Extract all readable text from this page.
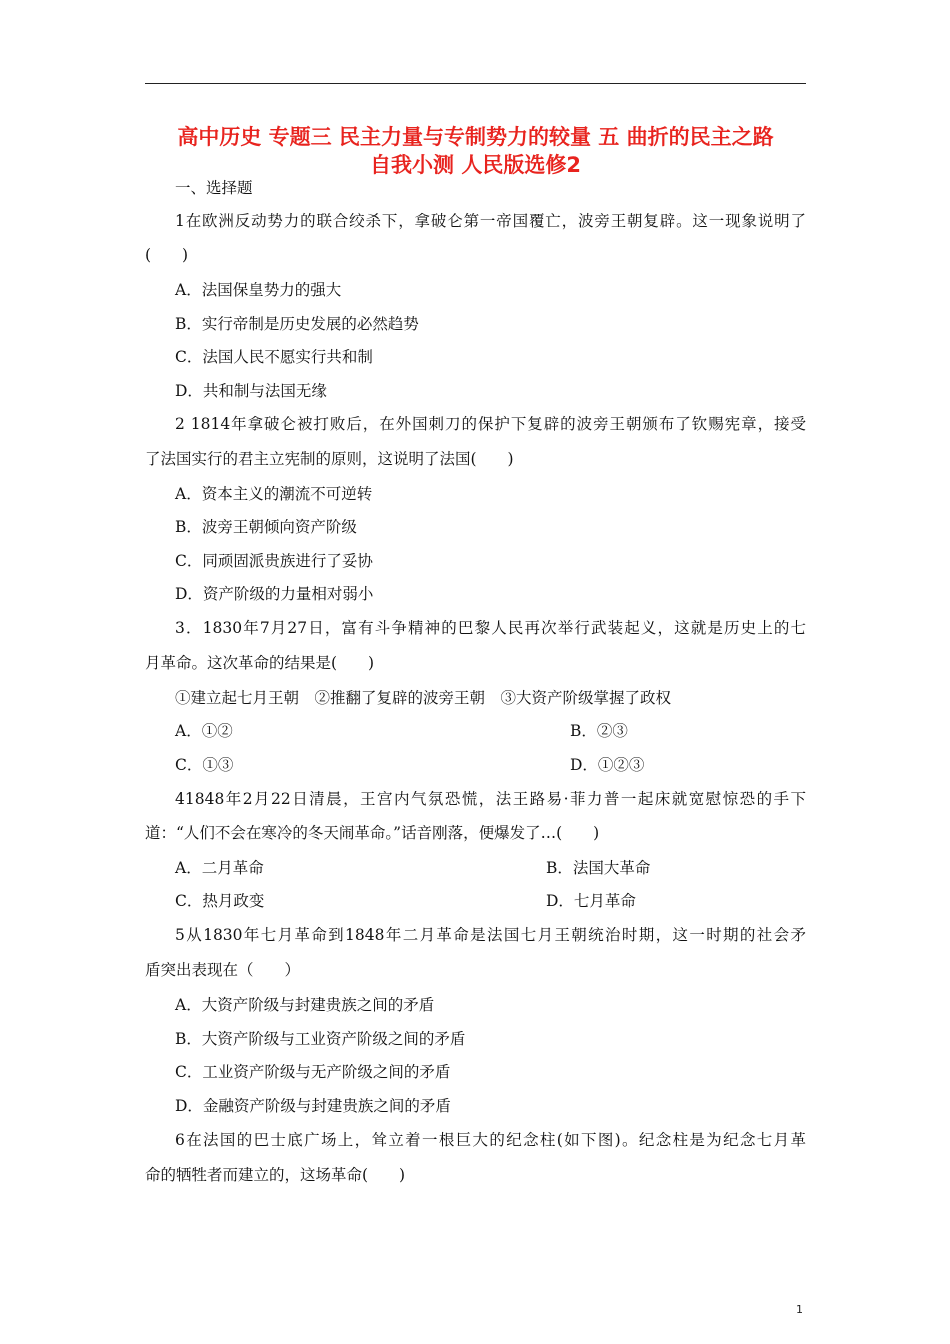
高中历史 专题三 民主力量与专制势力的较量 五 曲折的民主之路
自我小测 人民版选修2
一、选择题
1在欧洲反动势力的联合绞杀下，拿破仑第一帝国覆亡，波旁王朝复辟。这一现象说明了
(　　)
A．法国保皇势力的强大
B．实行帝制是历史发展的必然趋势
C．法国人民不愿实行共和制
D．共和制与法国无缘
2 1814年拿破仑被打败后，在外国刺刀的保护下复辟的波旁王朝颁布了钦赐宪章，接受
了法国实行的君主立宪制的原则，这说明了法国(　　)
A．资本主义的潮流不可逆转
B．波旁王朝倾向资产阶级
C．同顽固派贵族进行了妥协
D．资产阶级的力量相对弱小
3．1830年7月27日，富有斗争精神的巴黎人民再次举行武装起义，这就是历史上的七
月革命。这次革命的结果是(　　)
①建立起七月王朝　②推翻了复辟的波旁王朝　③大资产阶级掌握了政权
A．①②	B．②③
C．①③	D．①②③
41848年2月22日清晨，王宫内气氛恐慌，法王路易·菲力普一起床就宽慰惊恐的手下
道：“人们不会在寒冷的冬天闹革命。”话音刚落，便爆发了…(　　)
A．二月革命	B．法国大革命
C．热月政变	D．七月革命
5从1830年七月革命到1848年二月革命是法国七月王朝统治时期，这一时期的社会矛
盾突出表现在（　　）
A．大资产阶级与封建贵族之间的矛盾
B．大资产阶级与工业资产阶级之间的矛盾
C．工业资产阶级与无产阶级之间的矛盾
D．金融资产阶级与封建贵族之间的矛盾
6在法国的巴士底广场上，耸立着一根巨大的纪念柱(如下图)。纪念柱是为纪念七月革
命的牺牲者而建立的，这场革命(　　)
1
